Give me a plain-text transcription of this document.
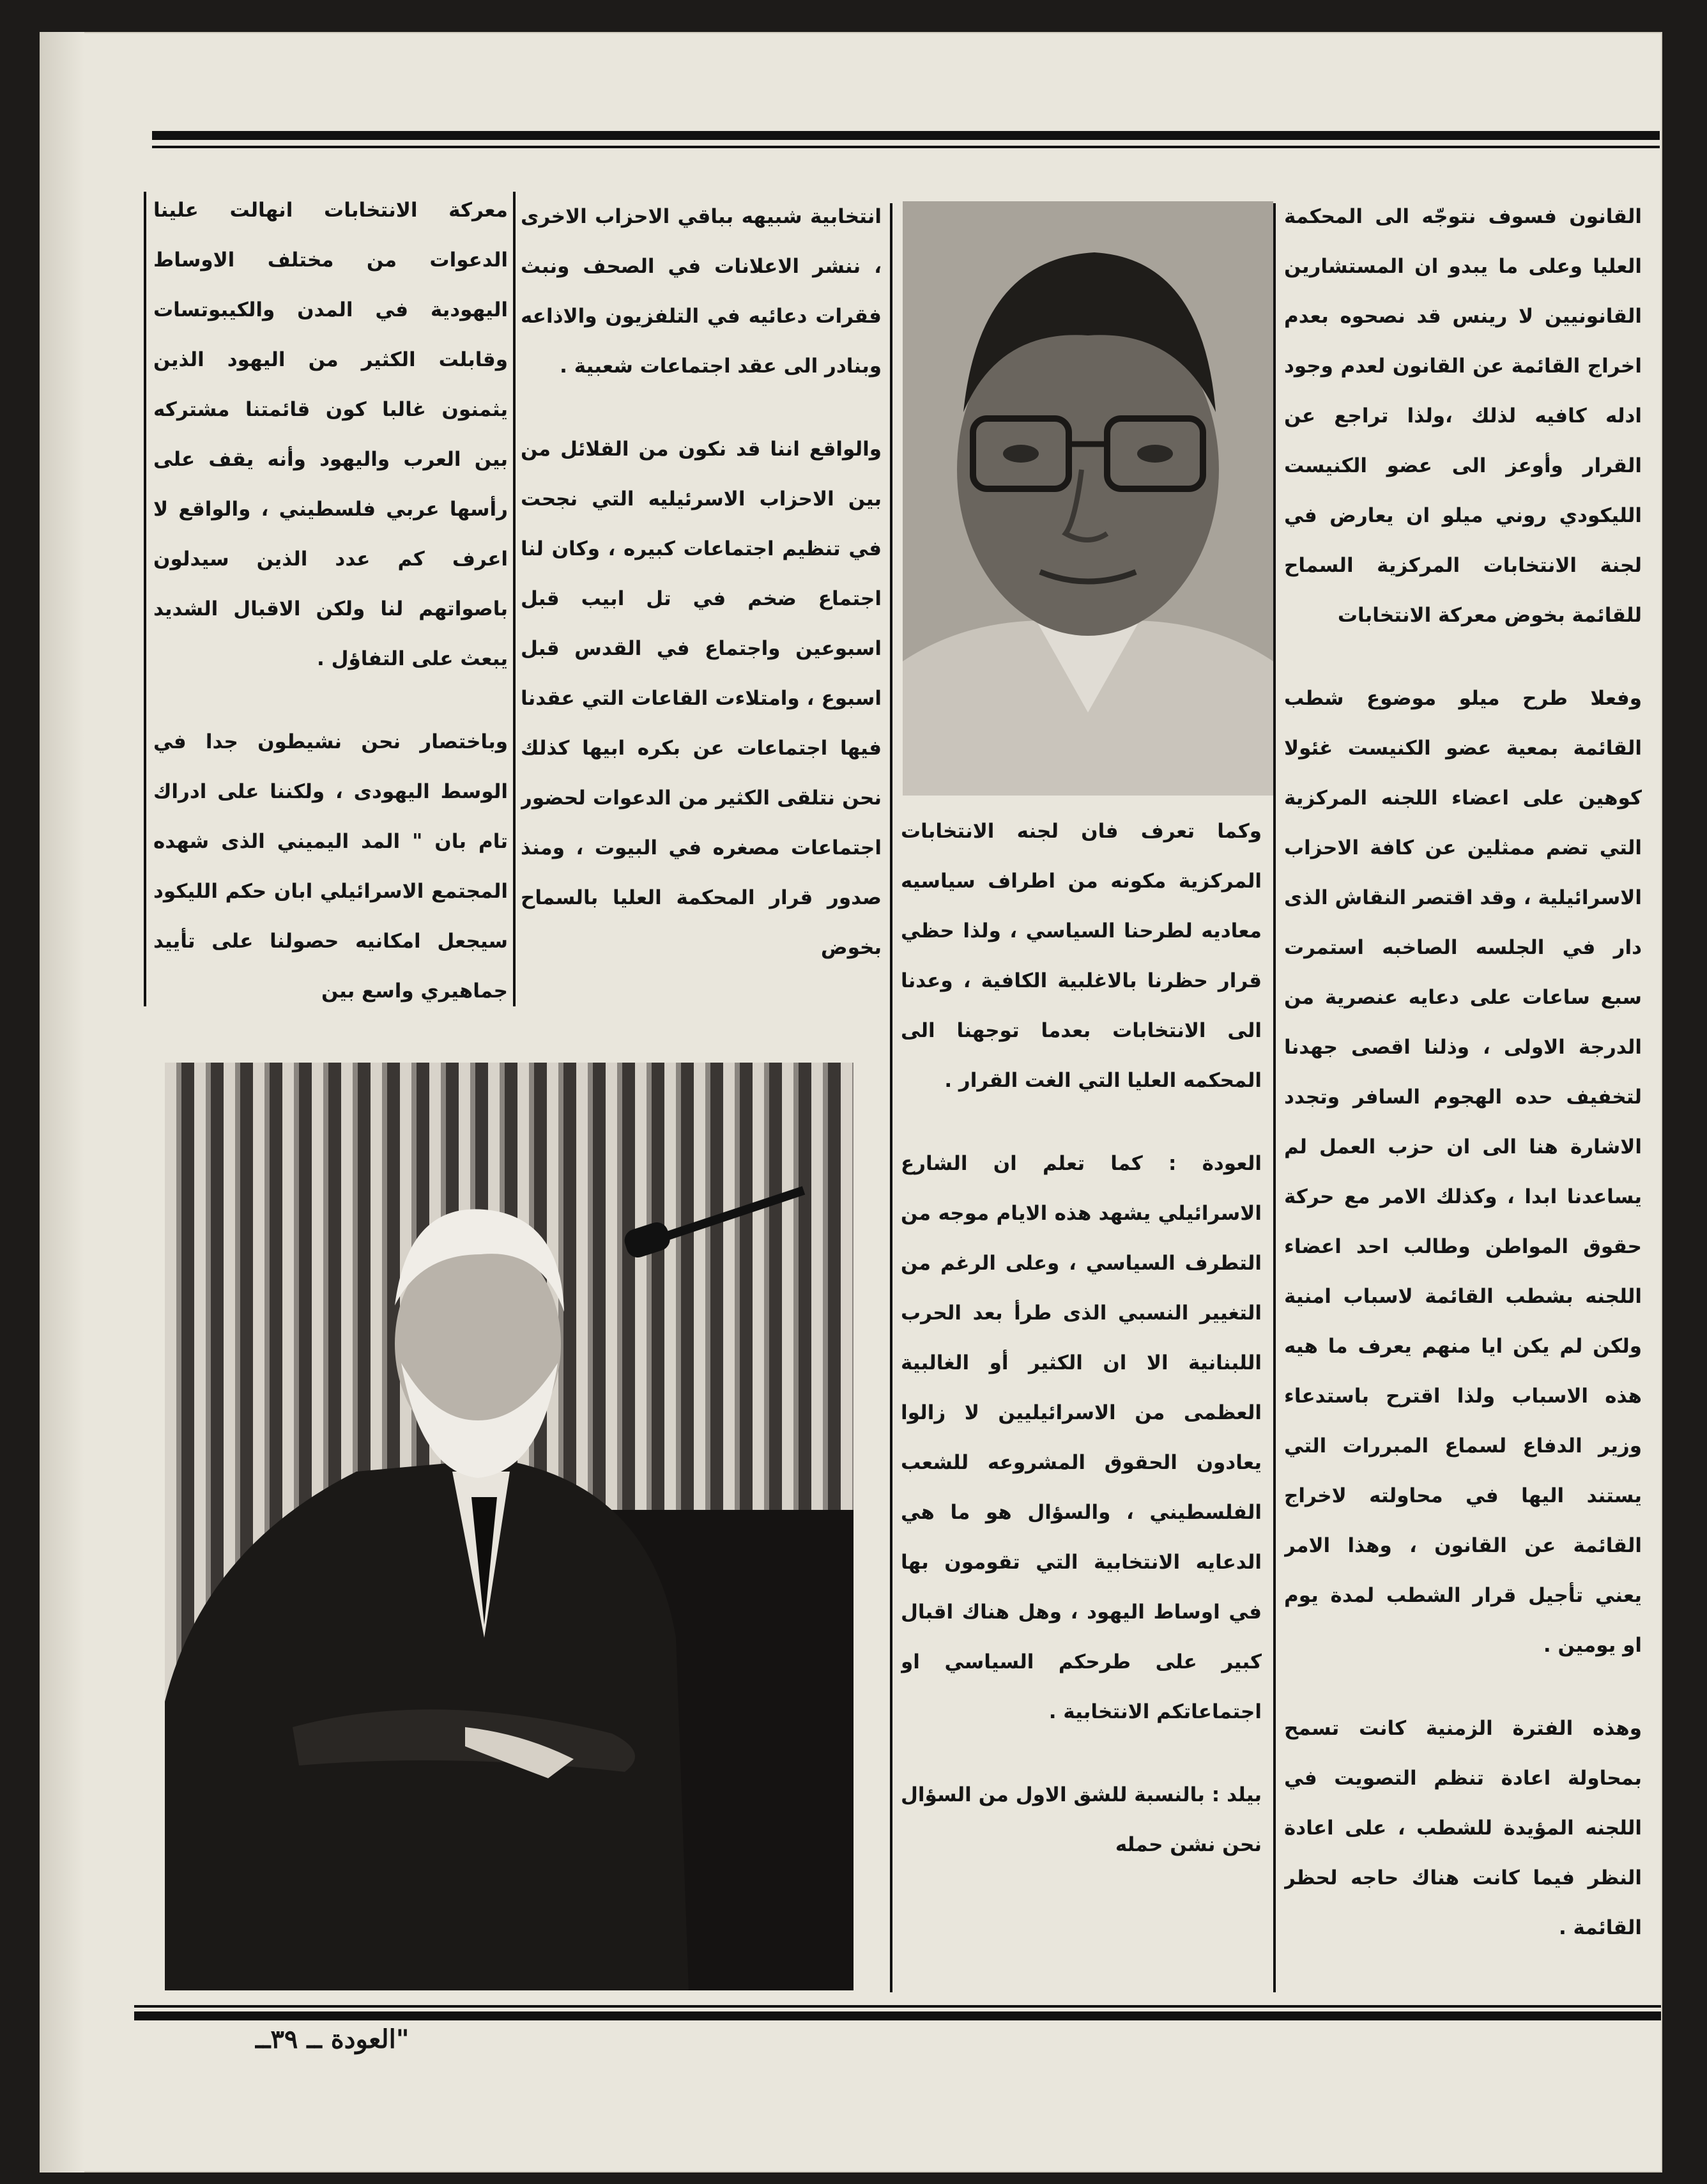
القانون فسوف نتوجّه الى المحكمة العليا وعلى ما يبدو ان المستشارين القانونيين لا رينس قد نصحوه بعدم اخراج القائمة عن القانون لعدم وجود ادله كافيه لذلك ،ولذا تراجع عن القرار وأوعز الى عضو الكنيست الليكودي روني ميلو ان يعارض في لجنة الانتخابات المركزية السماح للقائمة بخوض معركة الانتخابات

وفعلا طرح ميلو موضوع شطب القائمة بمعية عضو الكنيست غئولا كوهين على اعضاء اللجنه المركزية التي تضم ممثلين عن كافة الاحزاب الاسرائيلية ، وقد اقتصر النقاش الذى دار في الجلسه الصاخبه استمرت سبع ساعات على دعايه عنصرية من الدرجة الاولى ، وذلنا اقصى جهدنا لتخفيف حده الهجوم السافر وتجدد الاشارة هنا الى ان حزب العمل لم يساعدنا ابدا ، وكذلك الامر مع حركة حقوق المواطن وطالب احد اعضاء اللجنه بشطب القائمة لاسباب امنية ولكن لم يكن ايا منهم يعرف ما هيه هذه الاسباب ولذا اقترح باستدعاء وزير الدفاع لسماع المبررات التي يستند اليها في محاولته لاخراج القائمة عن القانون ، وهذا الامر يعني تأجيل قرار الشطب لمدة يوم او يومين .

وهذه الفترة الزمنية كانت تسمح بمحاولة اعادة تنظم التصويت في اللجنه المؤيدة للشطب ، على اعادة النظر فيما كانت هناك حاجه لحظر القائمة .

وكما تعرف فان لجنه الانتخابات المركزية مكونه من اطراف سياسيه معاديه لطرحنا السياسي ، ولذا حظي قرار حظرنا بالاغلبية الكافية ، وعدنا الى الانتخابات بعدما توجهنا الى المحكمه العليا التي الغت القرار .

العودة : كما تعلم ان الشارع الاسرائيلي يشهد هذه الايام موجه من التطرف السياسي ، وعلى الرغم من التغيير النسبي الذى طرأ بعد الحرب اللبنانية الا ان الكثير أو الغالبية العظمى من الاسرائيليين لا زالوا يعادون الحقوق المشروعه للشعب الفلسطيني ، والسؤال هو ما هي الدعايه الانتخابية التي تقومون بها في اوساط اليهود ، وهل هناك اقبال كبير على طرحكم السياسي او اجتماعاتكم الانتخابية .

بيلد : بالنسبة للشق الاول من السؤال نحن نشن حمله

انتخابية شبيهه بباقي الاحزاب الاخرى ، ننشر الاعلانات في الصحف ونبث فقرات دعائيه في التلفزيون والاذاعه وبنادر الى عقد اجتماعات شعبية .

والواقع اننا قد نكون من القلائل من بين الاحزاب الاسرئيليه التي نجحت في تنظيم اجتماعات كبيره ، وكان لنا اجتماع ضخم في تل ابيب قبل اسبوعين واجتماع في القدس قبل اسبوع ، وامتلاءت القاعات التي عقدنا فيها اجتماعات عن بكره ابيها كذلك نحن نتلقى الكثير من الدعوات لحضور اجتماعات مصغره في البيوت ، ومنذ صدور قرار المحكمة العليا بالسماح بخوض

معركة الانتخابات انهالت علينا الدعوات من مختلف الاوساط اليهودية في المدن والكيبوتسات وقابلت الكثير من اليهود الذين يثمنون غالبا كون قائمتنا مشتركه بين العرب واليهود وأنه يقف على رأسها عربي فلسطيني ، والواقع لا اعرف كم عدد الذين سيدلون باصواتهم لنا ولكن الاقبال الشديد يبعث على التفاؤل .

وباختصار نحن نشيطون جدا في الوسط اليهودى ، ولكننا على ادراك تام بان " المد اليميني الذى شهده المجتمع الاسرائيلي ابان حكم الليكود سيجعل امكانيه حصولنا على تأييد جماهيري واسع بين

"العودة ــ ٣٩ــ
